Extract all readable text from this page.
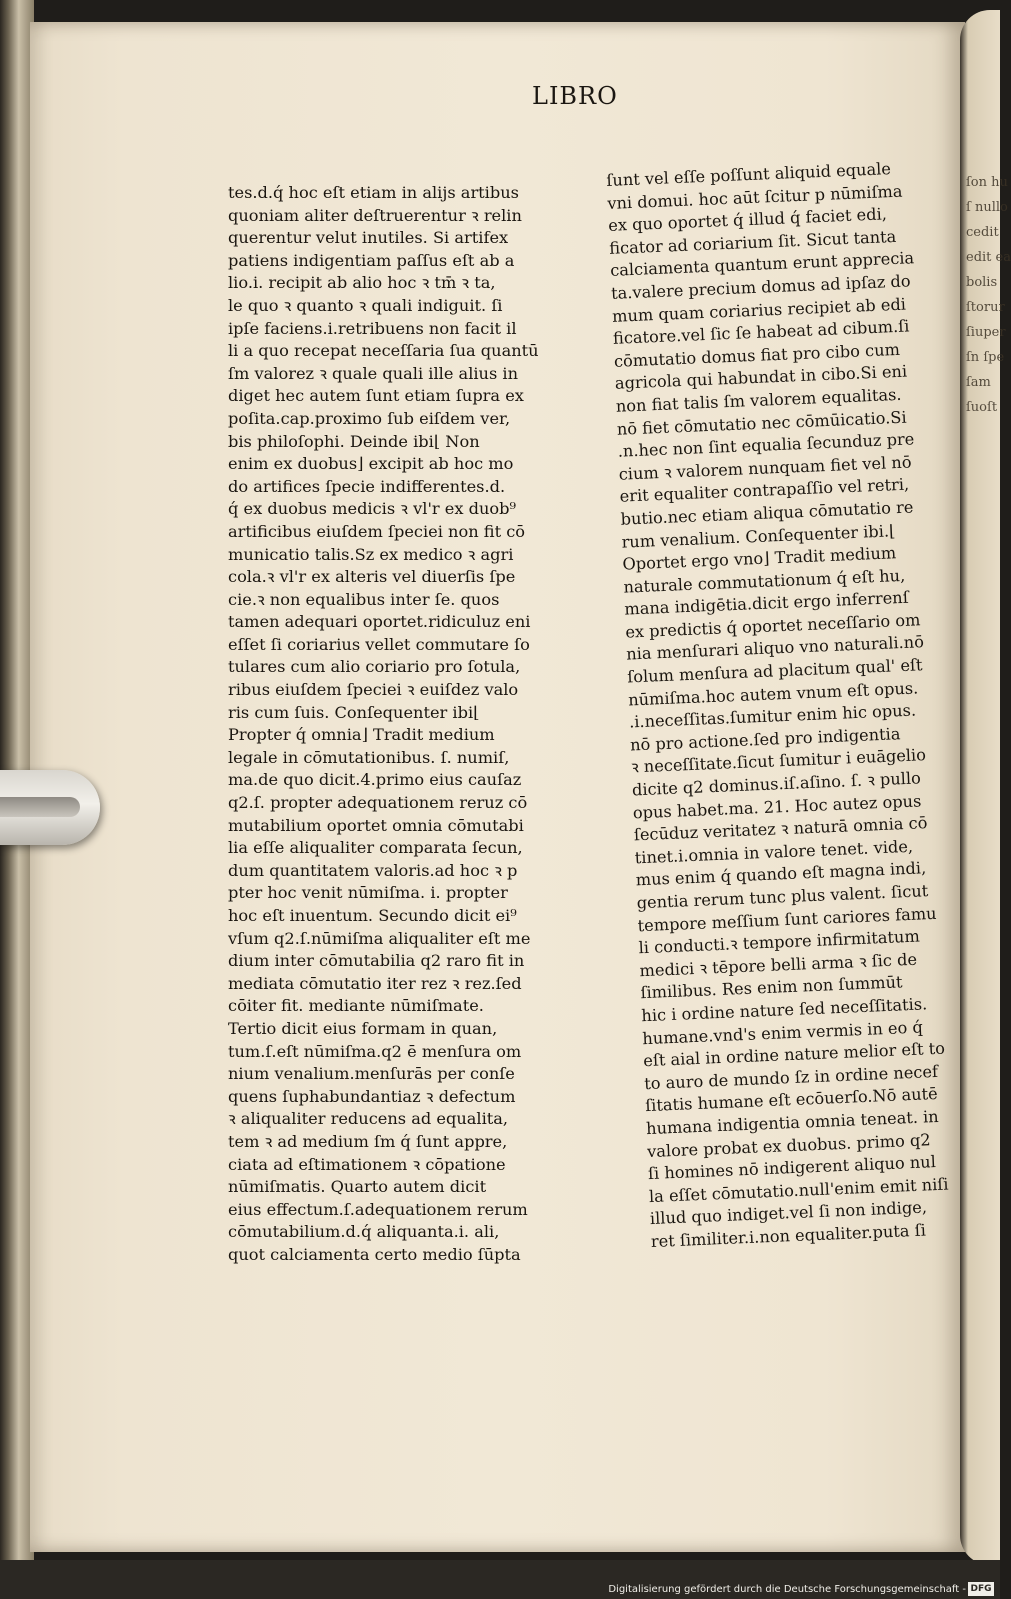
ſon hu
ſ nullo
cedit
edit ea
bolis
ſtorur
ſiuper
ſn ſpe
ſam
ſuoſt
LIBRO
tes.d.q́ hoc eſt etiam in alijs artibus
quoniam aliter deſtruerentur ꝛ relin
querentur velut inutiles. Si artifex
patiens indigentiam paſſus eſt ab a
lio.i. recipit ab alio hoc ꝛ tm̄ ꝛ ta,
le quo ꝛ quanto ꝛ quali indiguit. ſi
ipſe faciens.i.retribuens non facit il
li a quo recepat neceſſaria ſua quantū
ſm valorez ꝛ quale quali ille alius in
diget hec autem ſunt etiam ſupra ex
poſita.cap.proximo ſub eiſdem ver,
bis philoſophi. Deinde ibi⌊ Non
enim ex duobus⌋ excipit ab hoc mo
do artifices ſpecie indifferentes.d.
q́ ex duobus medicis ꝛ vl'r ex duob⁹
artificibus eiuſdem ſpeciei non fit cō
municatio talis.Sz ex medico ꝛ agri
cola.ꝛ vl'r ex alteris vel diuerſis ſpe
cie.ꝛ non equalibus inter ſe. quos
tamen adequari oportet.ridiculuz eni
eſſet ſi coriarius vellet commutare ſo
tulares cum alio coriario pro ſotula,
ribus eiuſdem ſpeciei ꝛ euiſdez valo
ris cum ſuis. Conſequenter ibi⌊
Propter q́ omnia⌋ Tradit medium
legale in cōmutationibus. ſ. numiſ,
ma.de quo dicit.4.primo eius cauſaz
q2.ſ. propter adequationem reruz cō
mutabilium oportet omnia cōmutabi
lia eſſe aliqualiter comparata ſecun,
dum quantitatem valoris.ad hoc ꝛ p
pter hoc venit nūmiſma. i. propter
hoc eſt inuentum. Secundo dicit ei⁹
vſum q2.ſ.nūmiſma aliqualiter eſt me
dium inter cōmutabilia q2 raro fit in
mediata cōmutatio iter rez ꝛ rez.ſed
cōiter fit. mediante nūmiſmate.
Tertio dicit eius formam in quan,
tum.ſ.eſt nūmiſma.q2 ē menſura om
nium venalium.menſurās per conſe
quens ſuphabundantiaz ꝛ defectum
ꝛ aliqualiter reducens ad equalita,
tem ꝛ ad medium ſm q́ ſunt appre,
ciata ad eſtimationem ꝛ cōpatione
nūmiſmatis. Quarto autem dicit
eius effectum.ſ.adequationem rerum
cōmutabilium.d.q́ aliquanta.i. ali,
quot calciamenta certo medio ſūpta
ſunt vel eſſe poſſunt aliquid equale
vni domui. hoc aūt ſcitur p nūmiſma
ex quo oportet q́ illud q́ faciet edi,
ficator ad coriarium ſit. Sicut tanta
calciamenta quantum erunt apprecia
ta.valere precium domus ad ipſaz do
mum quam coriarius recipiet ab edi
ficatore.vel ſic ſe habeat ad cibum.ſi
cōmutatio domus fiat pro cibo cum
agricola qui habundat in cibo.Si eni
non fiat talis ſm valorem equalitas.
nō fiet cōmutatio nec cōmūicatio.Si
.n.hec non ſint equalia ſecunduz pre
cium ꝛ valorem nunquam fiet vel nō
erit equaliter contrapaſſio vel retri,
butio.nec etiam aliqua cōmutatio re
rum venalium. Conſequenter ibi.⌊
Oportet ergo vno⌋ Tradit medium
naturale commutationum q́ eſt hu,
mana indigētia.dicit ergo inferrenſ
ex predictis q́ oportet neceſſario om
nia menſurari aliquo vno naturali.nō
ſolum menſura ad placitum qual' eſt
nūmiſma.hoc autem vnum eſt opus.
.i.neceſſitas.ſumitur enim hic opus.
nō pro actione.ſed pro indigentia
ꝛ neceſſitate.ſicut ſumitur i euāgelio
dicite q2 dominus.iſ.aſino. ſ. ꝛ pullo
opus habet.ma. 21. Hoc autez opus
ſecūduz veritatez ꝛ naturā omnia cō
tinet.i.omnia in valore tenet. vide,
mus enim q́ quando eſt magna indi,
gentia rerum tunc plus valent. ſicut
tempore meſſium ſunt cariores famu
li conducti.ꝛ tempore infirmitatum
medici ꝛ tēpore belli arma ꝛ ſic de
ſimilibus. Res enim non ſummūt
hic i ordine nature ſed neceſſitatis.
humane.vnd's enim vermis in eo q́
eſt aial in ordine nature melior eſt to
to auro de mundo ſz in ordine necef
ſitatis humane eſt ecōuerſo.Nō autē
humana indigentia omnia teneat. in
valore probat ex duobus. primo q2
ſi homines nō indigerent aliquo nul
la eſſet cōmutatio.null'enim emit niſi
illud quo indiget.vel ſi non indige,
ret ſimiliter.i.non equaliter.puta ſi
Digitalisierung gefördert durch die Deutsche Forschungsgemeinschaft - DFG
